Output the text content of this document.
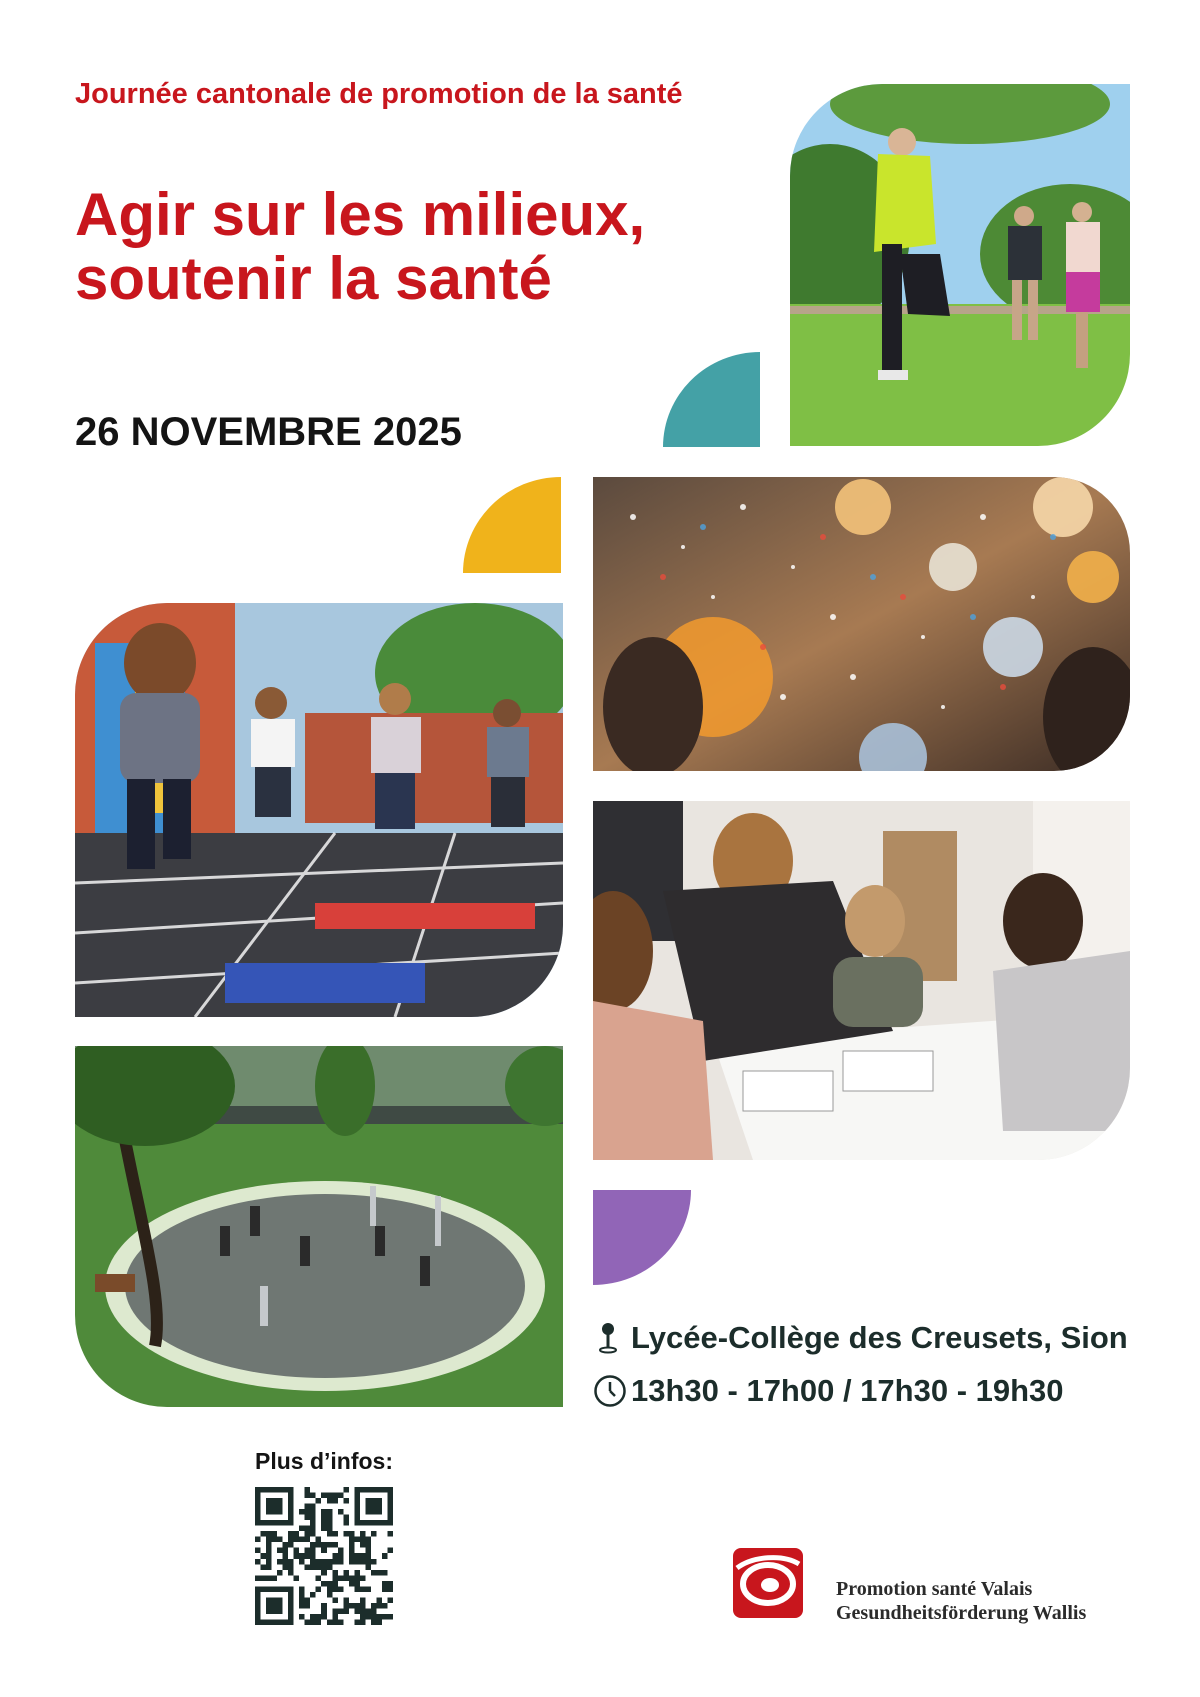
Journée cantonale de promotion de la santé
Agir sur les milieux,
soutenir la santé
26 NOVEMBRE 2025
Lycée-Collège des Creusets, Sion
13h30 - 17h00 / 17h30 - 19h30
Plus d’infos:
Promotion santé Valais
Gesundheitsförderung Wallis
